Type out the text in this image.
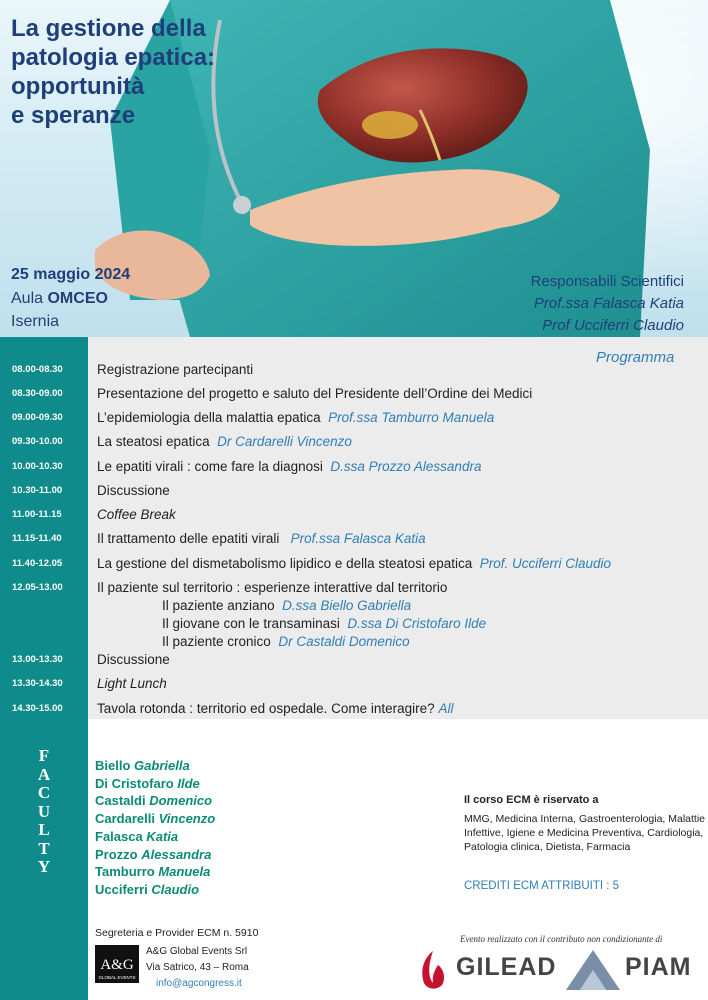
La gestione della
patologia epatica:
opportunità
e speranze
25 maggio 2024
Aula OMCEO
Isernia
Responsabili Scientifici
Prof.ssa Falasca Katia
Prof Ucciferri Claudio
Programma
08.00-08.30	Registrazione partecipanti
08.30-09.00	Presentazione del progetto e saluto del Presidente dell’Ordine dei Medici
09.00-09.30	L’epidemiologia della malattia epatica Prof.ssa Tamburro Manuela
09.30-10.00	La steatosi epatica Dr Cardarelli Vincenzo
10.00-10.30	Le epatiti virali : come fare la diagnosi D.ssa Prozzo Alessandra
10.30-11.00	Discussione
11.00-11.15	Coffee Break
11.15-11.40	Il trattamento delle epatiti virali Prof.ssa Falasca Katia
11.40-12.05	La gestione del dismetabolismo lipidico e della steatosi epatica Prof. Ucciferri Claudio
12.05-13.00	Il paziente sul territorio : esperienze interattive dal territorio
Il paziente anziano D.ssa Biello Gabriella
Il giovane con le transaminasi D.ssa Di Cristofaro Ilde
Il paziente cronico Dr Castaldi Domenico
13.00-13.30	Discussione
13.30-14.30	Light Lunch
14.30-15.00	Tavola rotonda : territorio ed ospedale. Come interagire? All
F
A
C
U
L
T
Y
Biello Gabriella
Di Cristofaro Ilde
Castaldi Domenico
Cardarelli Vincenzo
Falasca Katia
Prozzo Alessandra
Tamburro Manuela
Ucciferri Claudio
Il corso ECM è riservato a
MMG, Medicina Interna, Gastroenterologia, Malattie Infettive, Igiene e Medicina Preventiva, Cardiologia, Patologia clinica, Dietista, Farmacia
CREDITI ECM ATTRIBUITI : 5
Segreteria e Provider ECM n. 5910
A&G
GLOBAL EVENTS
A&G Global Events Srl
Via Satrico, 43 – Roma
info@agcongress.it
Evento realizzato con il contributo non condizionante di
GILEAD	PIAM
